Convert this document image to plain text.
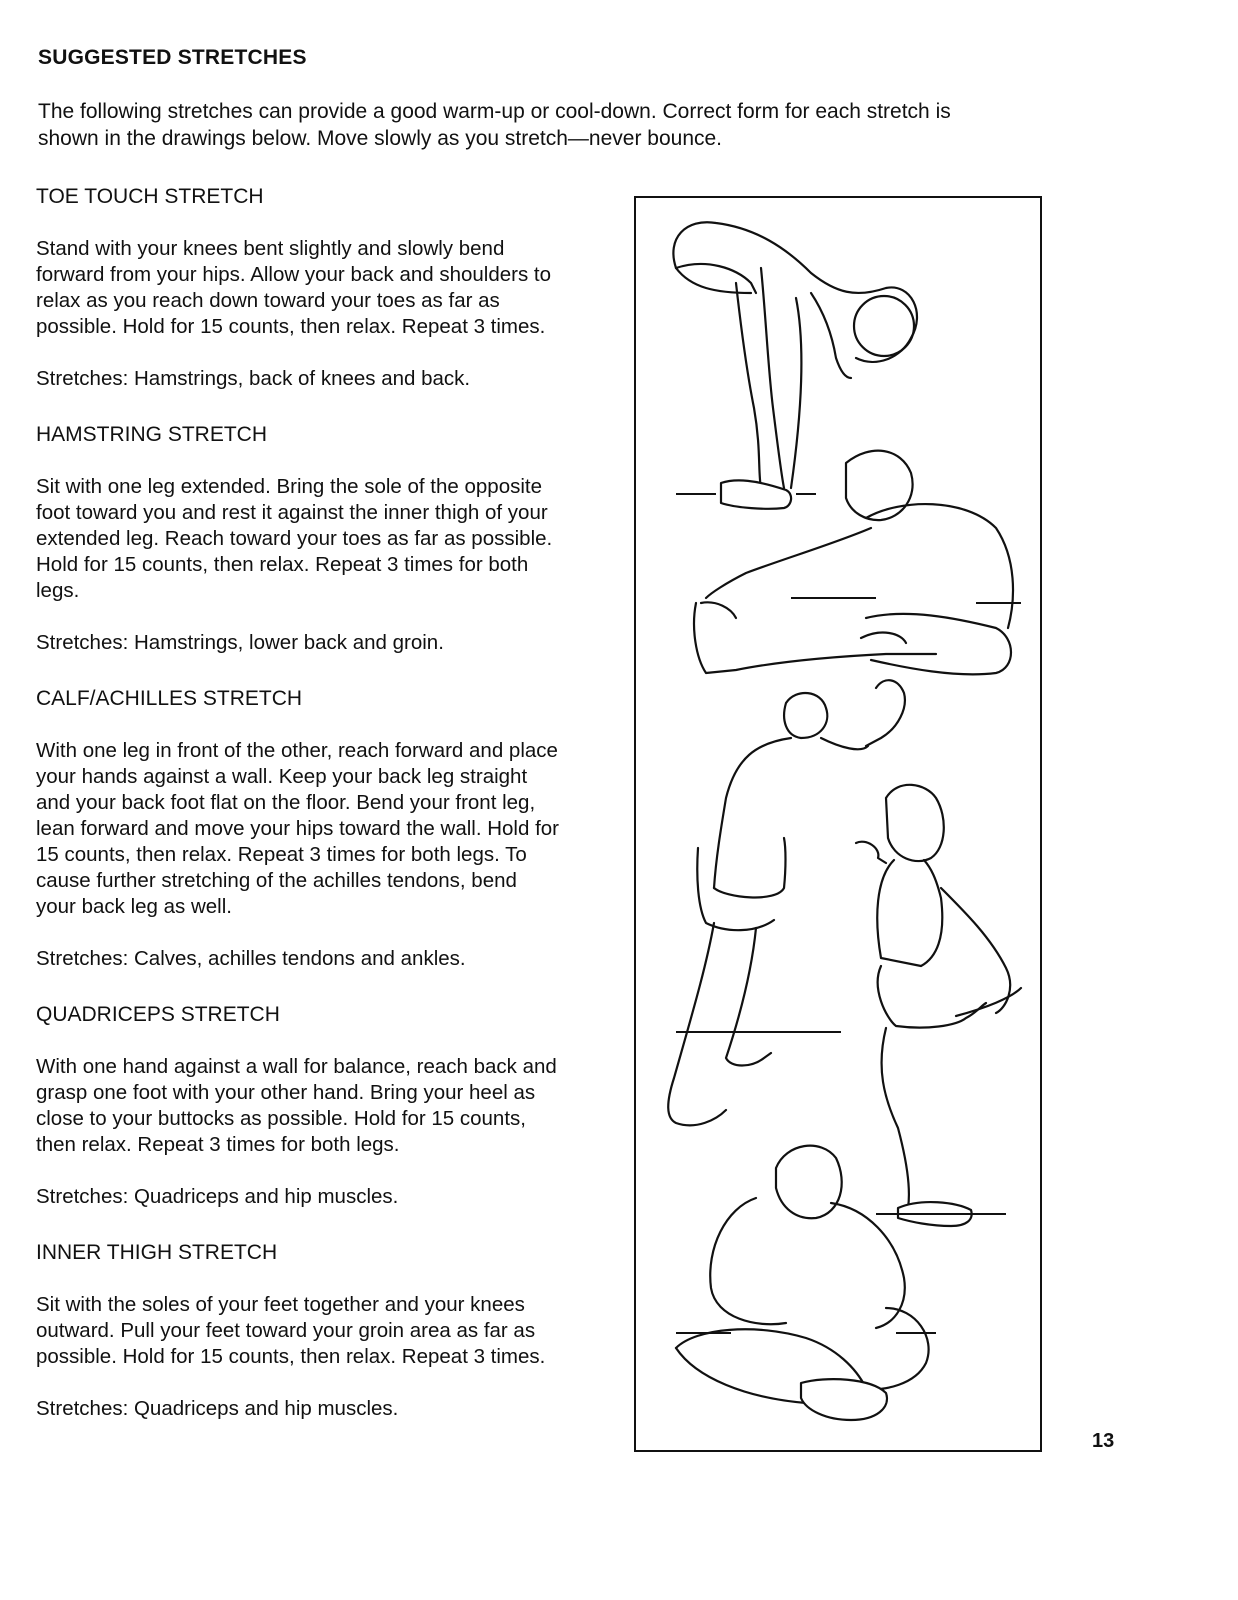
SUGGESTED STRETCHES

The following stretches can provide a good warm-up or cool-down. Correct form for each stretch is

shown in the drawings below. Move slowly as you stretch—never bounce.

TOE TOUCH STRETCH

Stand with your knees bent slightly and slowly bend

forward from your hips. Allow your back and shoulders to

relax as you reach down toward your toes as far as

possible. Hold for 15 counts, then relax. Repeat 3 times.

Stretches: Hamstrings, back of knees and back.
HAMSTRING STRETCH

Sit with one leg extended. Bring the sole of the opposite

foot toward you and rest it against the inner thigh of your

extended leg. Reach toward your toes as far as possible.

Hold for 15 counts, then relax. Repeat 3 times for both

legs.

Stretches: Hamstrings, lower back and groin.
CALF/ACHILLES STRETCH

With one leg in front of the other, reach forward and place

your hands against a wall. Keep your back leg straight

and your back foot flat on the floor. Bend your front leg,

lean forward and move your hips toward the wall. Hold for

15 counts, then relax. Repeat 3 times for both legs. To

cause further stretching of the achilles tendons, bend

your back leg as well.

Stretches: Calves, achilles tendons and ankles.
QUADRICEPS STRETCH

With one hand against a wall for balance, reach back and

grasp one foot with your other hand. Bring your heel as

close to your buttocks as possible. Hold for 15 counts,

then relax. Repeat 3 times for both legs.

Stretches: Quadriceps and hip muscles.
INNER THIGH STRETCH

Sit with the soles of your feet together and your knees

outward. Pull your feet toward your groin area as far as

possible. Hold for 15 counts, then relax. Repeat 3 times.

Stretches: Quadriceps and hip muscles.
13
